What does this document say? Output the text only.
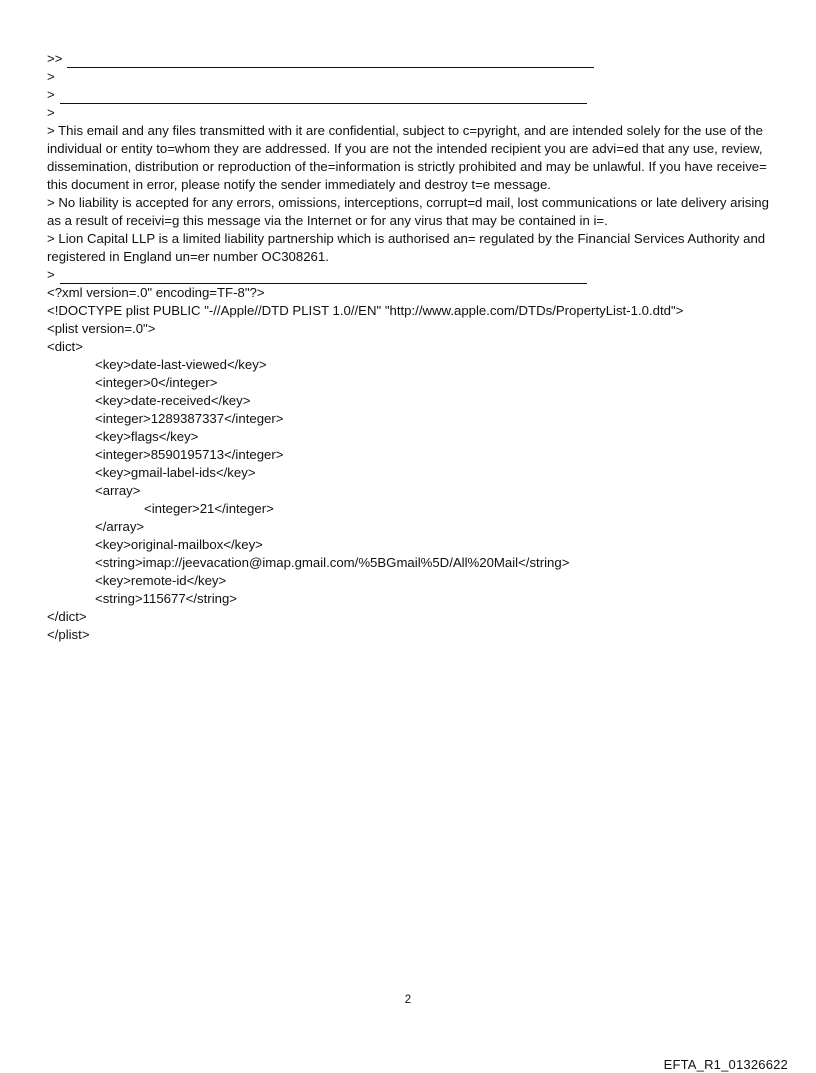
>>
>
>
>

> This email and any files transmitted with it are confidential, subject to c=pyright, and are intended solely for the use of the individual or entity to=whom they are addressed. If you are not the intended recipient you are advi=ed that any use, review, dissemination, distribution or reproduction of the=information is strictly prohibited and may be unlawful. If you have receive= this document in error, please notify the sender immediately and destroy t=e message.

> No liability is accepted for any errors, omissions, interceptions, corrupt=d mail, lost communications or late delivery arising as a result of receivi=g this message via the Internet or for any virus that may be contained in i=.

> Lion Capital LLP is a limited liability partnership which is authorised an= regulated by the Financial Services Authority and registered in England un=er number OC308261.

>
<?xml version=.0" encoding=TF-8"?>
<!DOCTYPE plist PUBLIC "-//Apple//DTD PLIST 1.0//EN" "http://www.apple.com/DTDs/PropertyList-1.0.dtd">
<plist version=.0">
<dict>
<key>date-last-viewed</key>
<integer>0</integer>
<key>date-received</key>
<integer>1289387337</integer>
<key>flags</key>
<integer>8590195713</integer>
<key>gmail-label-ids</key>
<array>
<integer>21</integer>
</array>
<key>original-mailbox</key>
<string>imap://jeevacation@imap.gmail.com/%5BGmail%5D/All%20Mail</string>
<key>remote-id</key>
<string>115677</string>
</dict>
</plist>
2
EFTA_R1_01326622
